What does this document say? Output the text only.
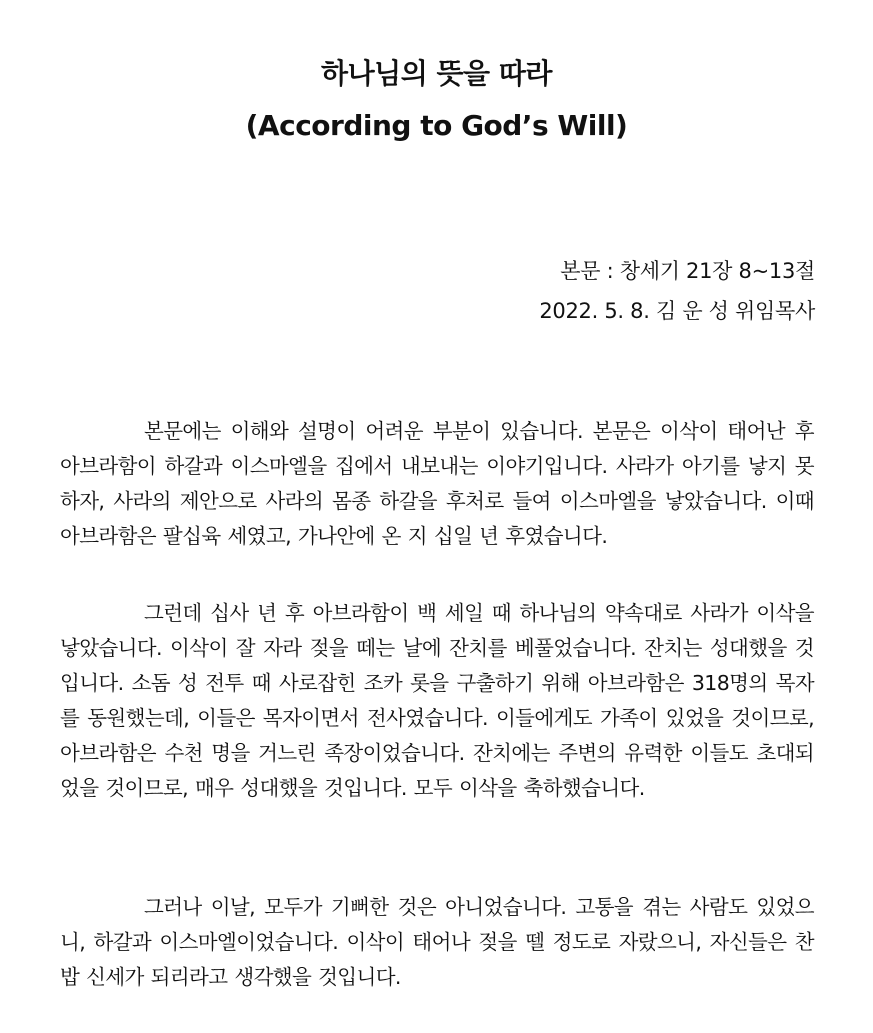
하나님의 뜻을 따라
(According to God’s Will)
본문 : 창세기 21장 8~13절
2022. 5. 8. 김 운 성 위임목사

본문에는 이해와 설명이 어려운 부분이 있습니다. 본문은 이삭이 태어난 후 아브라함이 하갈과 이스마엘을 집에서 내보내는 이야기입니다. 사라가 아기를 낳지 못하자, 사라의 제안으로 사라의 몸종 하갈을 후처로 들여 이스마엘을 낳았습니다. 이때 아브라함은 팔십육 세였고, 가나안에 온 지 십일 년 후였습니다.

그런데 십사 년 후 아브라함이 백 세일 때 하나님의 약속대로 사라가 이삭을 낳았습니다. 이삭이 잘 자라 젖을 떼는 날에 잔치를 베풀었습니다. 잔치는 성대했을 것입니다. 소돔 성 전투 때 사로잡힌 조카 롯을 구출하기 위해 아브라함은 318명의 목자를 동원했는데, 이들은 목자이면서 전사였습니다. 이들에게도 가족이 있었을 것이므로, 아브라함은 수천 명을 거느린 족장이었습니다. 잔치에는 주변의 유력한 이들도 초대되었을 것이므로, 매우 성대했을 것입니다. 모두 이삭을 축하했습니다.

그러나 이날, 모두가 기뻐한 것은 아니었습니다. 고통을 겪는 사람도 있었으니, 하갈과 이스마엘이었습니다. 이삭이 태어나 젖을 뗄 정도로 자랐으니, 자신들은 찬밥 신세가 되리라고 생각했을 것입니다.
